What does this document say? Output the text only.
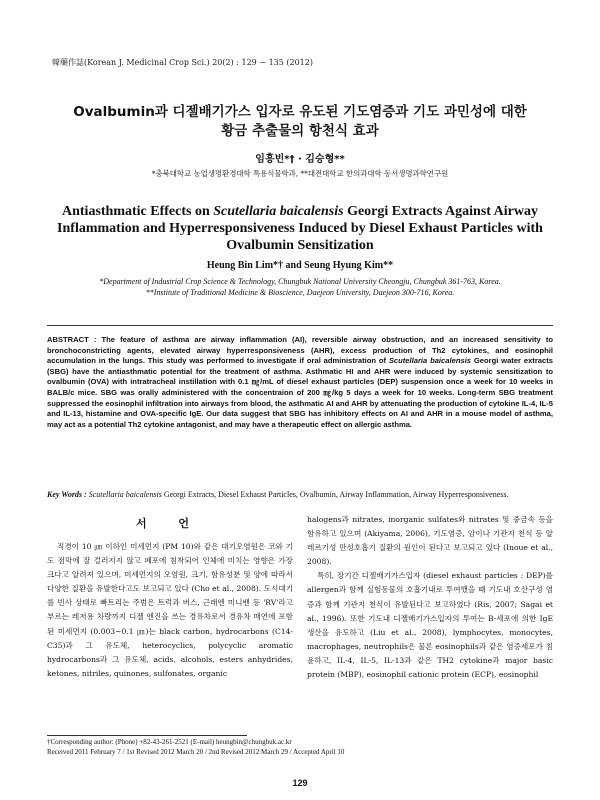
韓藥作誌(Korean J. Medicinal Crop Sci.) 20(2) : 129 − 135 (2012)
Ovalbumin과 디젤배기가스 입자로 유도된 기도염증과 기도 과민성에 대한
황금 추출물의 항천식 효과
임흥빈*† · 김승형**
*충북대학교 농업생명환경대학 특용식물학과, **대전대학교 한의과대학 동서생명과학연구원
Antiasthmatic Effects on Scutellaria baicalensis Georgi Extracts Against Airway Inflammation and Hyperresponsiveness Induced by Diesel Exhaust Particles with Ovalbumin Sensitization
Heung Bin Lim*† and Seung Hyung Kim**
*Department of Industrial Crop Science & Technology, Chungbuk National University Cheongju, Chungbuk 361-763, Korea.
**Institute of Traditional Medicine & Bioscience, Daejeon University, Daejeon 300-716, Korea.

ABSTRACT : The feature of asthma are airway inflammation (AI), reversible airway obstruction, and an increased sensitivity to bronchoconstricting agents, elevated airway hyperresponsiveness (AHR), excess production of Th2 cytokines, and eosinophil accumulation in the lungs. This study was performed to investigate if oral administration of Scutellaria baicalensis Georgi water extracts (SBG) have the antiasthmatic potential for the treatment of asthma. Asthmatic HI and AHR were induced by systemic sensitization to ovalbumin (OVA) with intratracheal instillation with 0.1 ㎎/mL of diesel exhaust particles (DEP) suspension once a week for 10 weeks in BALB/c mice. SBG was orally administered with the concentraion of 200 ㎎/kg 5 days a week for 10 weeks. Long-term SBG treatment suppressed the eosinophil infiltration into airways from blood, the asthmatic AI and AHR by attenuating the production of cytokine IL-4, IL-5 and IL-13, histamine and OVA-specific IgE. Our data suggest that SBG has inhibitory effects on AI and AHR in a mouse model of asthma, may act as a potential Th2 cytokine antagonist, and may have a therapeutic effect on allergic asthma.

Key Words : Scutellaria baicalensis Georgi Extracts, Diesel Exhaust Particles, Ovalbumin, Airway Inflammation, Airway Hyperresponsiveness.

서 언

직경이 10 ㎛ 이하인 미세먼지 (PM 10)와 같은 대기오염원은 코와 기도 점막에 잘 걸러지지 않고 폐포에 침착되어 인체에 미치는 영향은 가장 크다고 알려져 있으며, 미세먼지의 오염원, 크기, 함유성분 및 양에 따라서 다양한 질환을 유발한다고도 보고되고 있다 (Cho et al., 2008). 도시대기를 빈사 상태로 빠트리는 주범은 트럭과 버스, 근래엔 미니밴 등 'RV'라고 부르는 레저용 차량까지 디젤 엔진을 쓰는 경유차로서 경유차 매연에 포함된 미세먼지 (0.003∼0.1 ㎛)는 black carbon, hydrocarbons (C14-C35)과 그 유도체, heterocyclics, polycyclic aromatic hydrocarbons과 그 유도체, acids, alcohols, esters anhydrides, ketones, nitriles, quinones, sulfonates, organic

halogens과 nitrates, inorganic sulfates와 nitrates 및 중금속 등을 함유하고 있으며 (Akiyama, 2006), 기도염증, 암이나 기관지 천식 등 알레르기성 만성호흡기 질환의 원인이 된다고 보고되고 있다 (Inoue et al., 2008).

특히, 장기간 디젤배기가스입자 (diesel exhaust particles : DEP)를 allergen과 함께 실험동물의 호흡기내로 투여했을 때 기도내 호산구성 염증과 함께 기관지 천식이 유발된다고 보고하였다 (Ris, 2007; Sagai et al., 1996). 또한 기도내 디젤배기가스입자의 투여는 B-세포에 의한 IgE 생산을 유도하고 (Liu et al., 2008), lymphocytes, monocytes, macrophages, neutrophils은 물론 eosinophils과 같은 염증세포가 침윤하고, IL-4, IL-5, IL-13과 같은 TH2 cytokine과 major basic protein (MBP), eosinophil cationic protein (ECP), eosinophil

†Corresponding author: (Phone) +82-43-261-2521 (E-mail) heungbin@chungbuk.ac.kr
Received 2011 February 7 / 1st Revised 2012 March 20 / 2nd Revised 2012 March 29 / Accepted April 10
129
